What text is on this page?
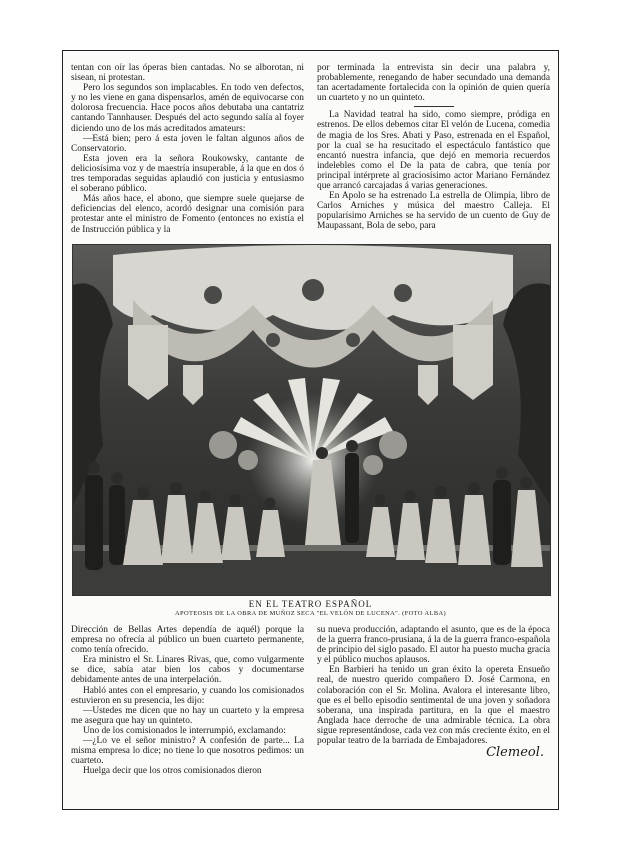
tentan con oír las óperas bien cantadas. No se alborotan, ni sisean, ni protestan.

Pero los segundos son implacables. En todo ven defectos, y no les viene en gana dispensarlos, amén de equivocarse con dolorosa frecuencia. Hace pocos años debutaba una cantatriz cantando Tannhauser. Después del acto segundo salía al foyer diciendo uno de los más acreditados amateurs:

—Está bien; pero á esta joven le faltan algunos años de Conservatorio.

Esta joven era la señora Roukowsky, cantante de deliciosísima voz y de maestría insuperable, á la que en dos ó tres temporadas seguidas aplaudió con justicia y entusiasmo el soberano público.

Más años hace, el abono, que siempre suele quejarse de deficiencias del elenco, acordó designar una comisión para protestar ante el ministro de Fomento (entonces no existía el de Instrucción pública y la

por terminada la entrevista sin decir una palabra y, probablemente, renegando de haber secundado una demanda tan acertadamente fortalecida con la opinión de quien quería un cuarteto y no un quinteto.

La Navidad teatral ha sido, como siempre, pródiga en estrenos. De ellos debemos citar El velón de Lucena, comedia de magia de los Sres. Abati y Paso, estrenada en el Español, por la cual se ha resucitado el espectáculo fantástico que encantó nuestra infancia, que dejó en memoria recuerdos indelebles como el De la pata de cabra, que tenía por principal intérprete al graciosísimo actor Mariano Fernández que arrancó carcajadas á varias generaciones.

En Apolo se ha estrenado La estrella de Olimpia, libro de Carlos Arniches y música del maestro Calleja. El popularísimo Arniches se ha servido de un cuento de Guy de Maupassant, Bola de sebo, para

EN EL TEATRO ESPAÑOL
APOTEOSIS DE LA OBRA DE MUÑOZ SECA "EL VELÓN DE LUCENA". (FOTO ALBA)

Dirección de Bellas Artes dependía de aquél) porque la empresa no ofrecía al público un buen cuarteto permanente, como tenía ofrecido.

Era ministro el Sr. Linares Rivas, que, como vulgarmente se dice, sabía atar bien los cabos y documentarse debidamente antes de una interpelación.

Habló antes con el empresario, y cuando los comisionados estuvieron en su presencia, les dijo:

—Ustedes me dicen que no hay un cuarteto y la empresa me asegura que hay un quinteto.

Uno de los comisionados le interrumpió, exclamando:

—¿Lo ve el señor ministro? A confesión de parte... La misma empresa lo dice; no tiene lo que nosotros pedimos: un cuarteto.

Huelga decir que los otros comisionados dieron

su nueva producción, adaptando el asunto, que es de la época de la guerra franco-prusiana, á la de la guerra franco-española de principio del siglo pasado. El autor ha puesto mucha gracia y el público muchos aplausos.

En Barbieri ha tenido un gran éxito la opereta Ensueño real, de nuestro querido compañero D. José Carmona, en colaboración con el Sr. Molina. Avalora el interesante libro, que es el bello episodio sentimental de una joven y soñadora soberana, una inspirada partitura, en la que el maestro Anglada hace derroche de una admirable técnica. La obra sigue representándose, cada vez con más creciente éxito, en el popular teatro de la barriada de Embajadores.

Clemeol.
